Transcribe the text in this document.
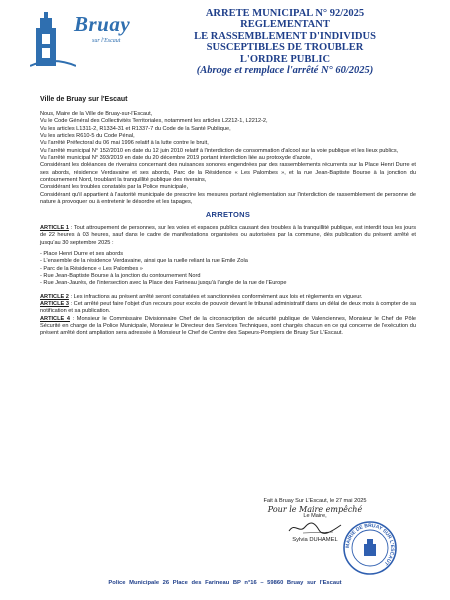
Bruay
sur l'Escaut
ARRETE MUNICIPAL N° 92/2025
REGLEMENTANT
LE RASSEMBLEMENT D'INDIVIDUS
SUSCEPTIBLES DE TROUBLER
L'ORDRE PUBLIC
(Abroge et remplace l'arrêté N° 60/2025)
Ville de Bruay sur l'Escaut

Nous, Maire de la Ville de Bruay-sur-l'Escaut,

Vu le Code Général des Collectivités Territoriales, notamment les articles L2212-1, L2212-2,

Vu les articles L1311-2, R1334-31 et R1337-7 du Code de la Santé Publique,

Vu les articles R610-5 du Code Pénal,

Vu l'arrêté Préfectoral du 06 mai 1996 relatif à la lutte contre le bruit,

Vu l'arrêté municipal N° 152/2010 en date du 12 juin 2010 relatif à l'interdiction de consommation d'alcool sur la voie publique et les lieux publics,

Vu l'arrêté municipal N° 393/2019 en date du 20 décembre 2019 portant interdiction liée au protoxyde d'azote,

Considérant les doléances de riverains concernant des nuisances sonores engendrées par des rassemblements récurrents sur la Place Henri Durre et ses abords, résidence Verdavaine et ses abords, Parc de la Résidence « Les Palombes », et la rue Jean-Baptiste Bourse à la jonction du contournement Nord, troublant la tranquillité publique des riverains,

Considérant les troubles constatés par la Police municipale,

Considérant qu'il appartient à l'autorité municipale de prescrire les mesures portant réglementation sur l'interdiction de rassemblement de personne de nature à provoquer ou à entretenir le désordre et les tapages,

ARRETONS

ARTICLE 1 : Tout attroupement de personnes, sur les voies et espaces publics causant des troubles à la tranquillité publique, est interdit tous les jours de 22 heures à 03 heures, sauf dans le cadre de manifestations organisées ou autorisées par la commune, dès publication du présent arrêté et jusqu'au 30 septembre 2025 :

- Place Henri Durre et ses abords
- L'ensemble de la résidence Verdavaine, ainsi que la ruelle reliant la rue Emile Zola
- Parc de la Résidence « Les Palombes »
- Rue Jean-Baptiste Bourse à la jonction du contournement Nord
- Rue Jean-Jaurès, de l'intersection avec la Place des Farineau jusqu'à l'angle de la rue de l'Europe

ARTICLE 2 : Les infractions au présent arrêté seront constatées et sanctionnées conformément aux lois et règlements en vigueur.

ARTICLE 3 : Cet arrêté peut faire l'objet d'un recours pour excès de pouvoir devant le tribunal administratif dans un délai de deux mois à compter de sa notification et sa publication.

ARTICLE 4 : Monsieur le Commissaire Divisionnaire Chef de la circonscription de sécurité publique de Valenciennes, Monsieur le Chef de Pôle Sécurité en charge de la Police Municipale, Monsieur le Directeur des Services Techniques, sont chargés chacun en ce qui concerne de l'exécution du présent arrêté dont ampliation sera adressée à Monsieur le Chef de Centre des Sapeurs-Pompiers de Bruay Sur L'Escaut.

Fait à Bruay Sur L'Escaut, le 27 mai 2025
Pour le Maire empêché
Le Maire,
Sylvia DUHAMEL
MAIRIE DE BRUAY SUR L'ESCAUT
Police Municipale 26 Place des Farineau BP n°16 – 59860 Bruay sur l'Escaut
